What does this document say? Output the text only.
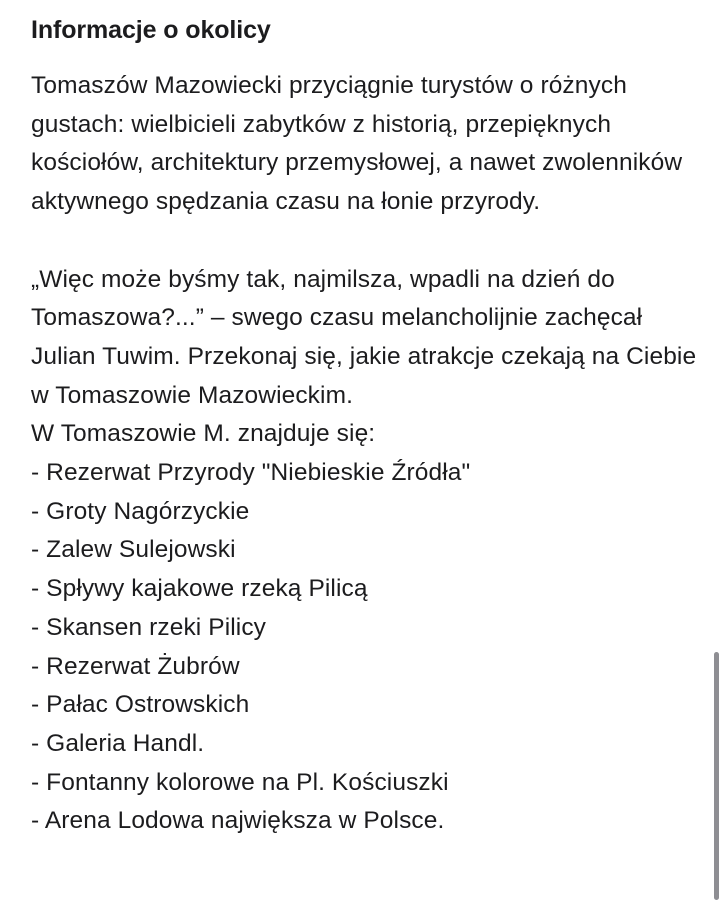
Informacje o okolicy

Tomaszów Mazowiecki przyciągnie turystów o różnych gustach: wielbicieli zabytków z historią, przepięknych kościołów, architektury przemysłowej, a nawet zwolenników aktywnego spędzania czasu na łonie przyrody.

„Więc może byśmy tak, najmilsza, wpadli na dzień do Tomaszowa?...” – swego czasu melancholijnie zachęcał Julian Tuwim. Przekonaj się, jakie atrakcje czekają na Ciebie w Tomaszowie Mazowieckim.

W Tomaszowie M. znajduje się:

- Rezerwat Przyrody "Niebieskie Źródła"
- Groty Nagórzyckie
- Zalew Sulejowski
- Spływy kajakowe rzeką Pilicą
- Skansen rzeki Pilicy
- Rezerwat Żubrów
- Pałac Ostrowskich
- Galeria Handl.
- Fontanny kolorowe na Pl. Kościuszki
- Arena Lodowa największa w Polsce.
